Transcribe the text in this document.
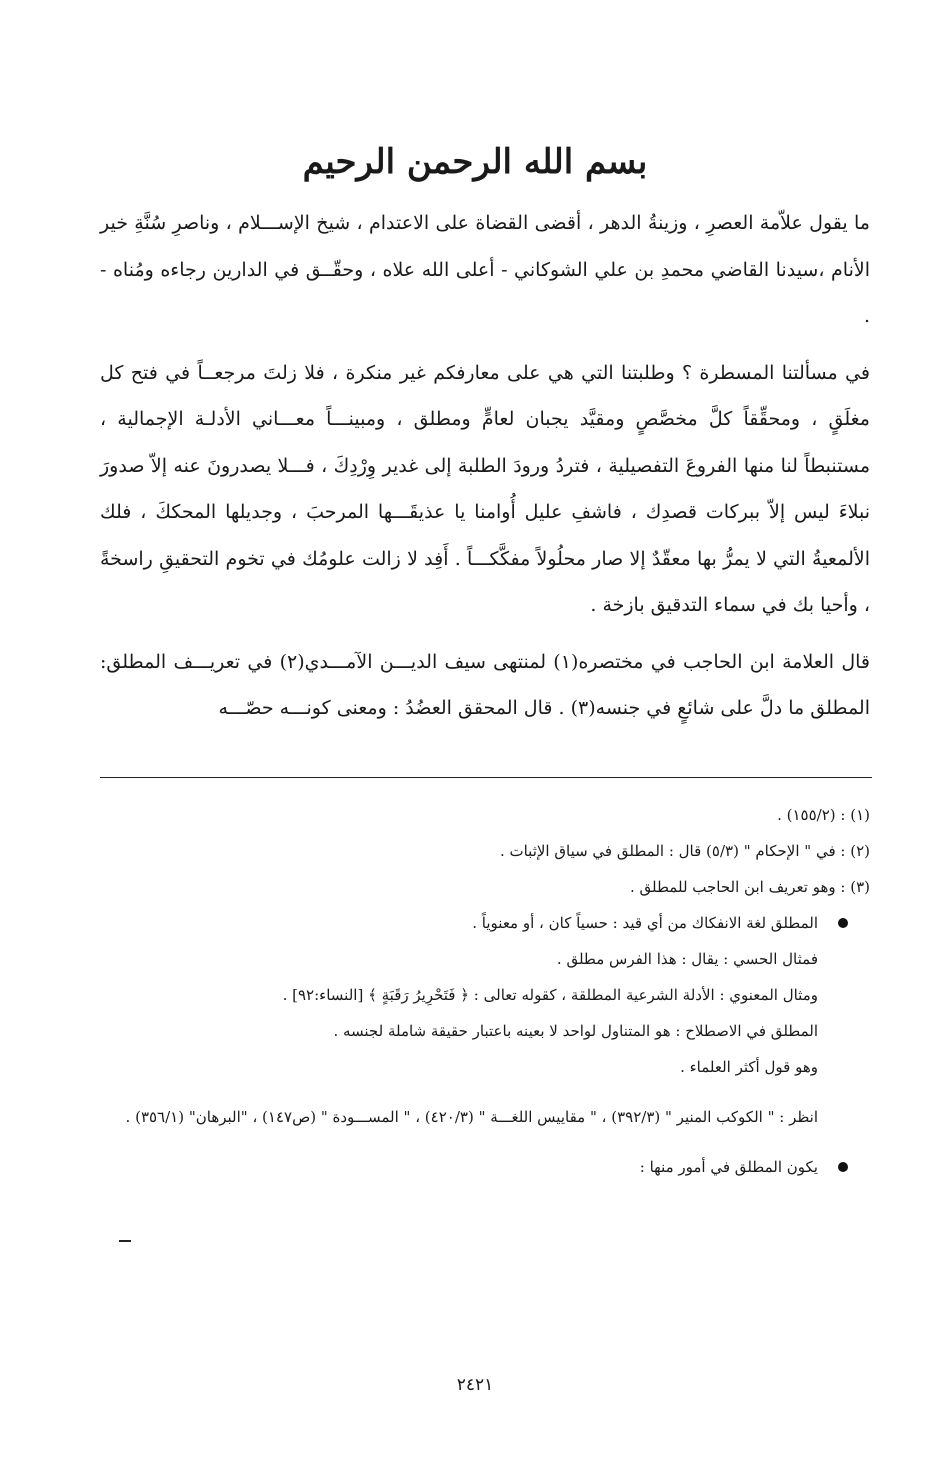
بسم الله الرحمن الرحيم

ما يقول علاّمة العصرِ ، وزينةُ الدهر ، أقضى القضاة على الاعتدام ، شيخ الإســـلام ، وناصرِ سُنَّةِ خير الأنام ،سيدنا القاضي محمدِ بن علي الشوكاني - أعلى الله علاه ، وحقّــق في الدارين رجاءه ومُناه - .

في مسألتنا المسطرة ؟ وطلبتنا التي هي على معارفكم غير منكرة ، فلا زلتَ مرجعــاً في فتح كل مغلَقٍ ، ومحقِّقاً كلَّ مخصَّصٍ ومقيَّد يجبان لعامٍّ ومطلق ، ومبينـــاً معـــاني الأدلـة الإجمالية ، مستنبطاً لنا منها الفروعَ التفصيلية ، فتردُ ورودَ الطلبة إلى غدير وِرْدِكَ ، فـــلا يصدرونَ عنه إلاّ صدورَ نبلاءَ ليس إلاّ ببركات قصدِك ، فاشفِ عليل أُوامنا يا عذيقَـــها المرحبَ ، وجديلها المحككَ ، فلك الألمعيةُ التي لا يمرُّ بها معقّدٌ إلا صار محلُولاً مفكَّكـــاً . أَفِد لا زالت علومُك في تخوم التحقيقِ راسخةً ، وأحيا بك في سماء التدقيق بازخة .

قال العلامة ابن الحاجب في مختصره(١) لمنتهى سيف الديـــن الآمـــدي(٢) في تعريـــف المطلق: المطلق ما دلَّ على شائعٍ في جنسه(٣) . قال المحقق العضُدُ : ومعنى كونـــه حصّـــه

(١) : (١٥٥/٢) .

(٢) : في " الإحكام " (٥/٣) قال : المطلق في سياق الإثبات .

(٣) : وهو تعريف ابن الحاجب للمطلق .

المطلق لغة الانفكاك من أي قيد : حسياً كان ، أو معنوياً .

فمثال الحسي : يقال : هذا الفرس مطلق .

ومثال المعنوي : الأدلة الشرعية المطلقة ، كقوله تعالى : ﴿ فَتَحْرِيرُ رَقَبَةٍ ﴾ [النساء:٩٢] .

المطلق في الاصطلاح : هو المتناول لواحد لا بعينه باعتبار حقيقة شاملة لجنسه .

وهو قول أكثر العلماء .

انظر : " الكوكب المنير " (٣٩٢/٣) ، " مقاييس اللغـــة " (٤٢٠/٣) ، " المســـودة " (ص١٤٧) ، "البرهان" (٣٥٦/١) .

يكون المطلق في أمور منها :
٢٤٢١
